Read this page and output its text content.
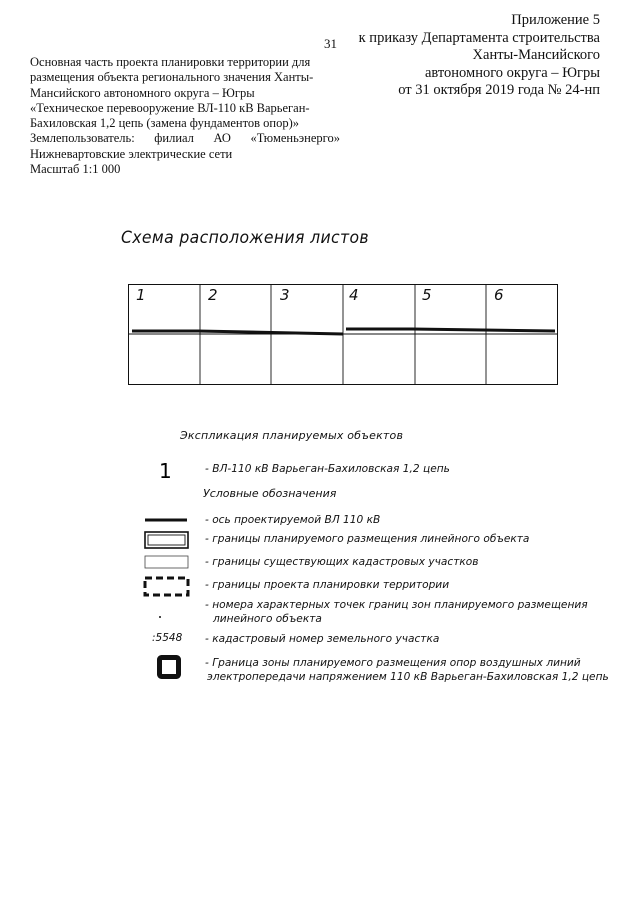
31
Приложение 5
к приказу Департамента строительства
Ханты-Мансийского
автономного округа – Югры
от 31 октября 2019 года № 24-нп
Основная часть проекта планировки территории для
размещения объекта регионального значения Ханты-
Мансийского автономного округа – Югры
«Техническое перевооружение ВЛ-110 кВ Варьеган-
Бахиловская 1,2 цепь (замена фундаментов опор)»
Землепользователь: филиал АО «Тюменьэнерго»
Нижневартовские электрические сети
Масштаб 1:1 000
Схема расположения листов
1	2	3	4	5	6
Экспликация планируемых объектов
1	- ВЛ-110 кВ Варьеган-Бахиловская 1,2 цепь
Условные обозначения
- ось проектируемой ВЛ 110 кВ
- границы планируемого размещения линейного объекта
- границы существующих кадастровых участков
- границы проекта планировки территории
- номера характерных точек границ зон планируемого размещения
линейного объекта
:5548 - кадастровый номер земельного участка
- Граница зоны планируемого размещения опор воздушных линий
электропередачи напряжением 110 кВ Варьеган-Бахиловская 1,2 цепь
